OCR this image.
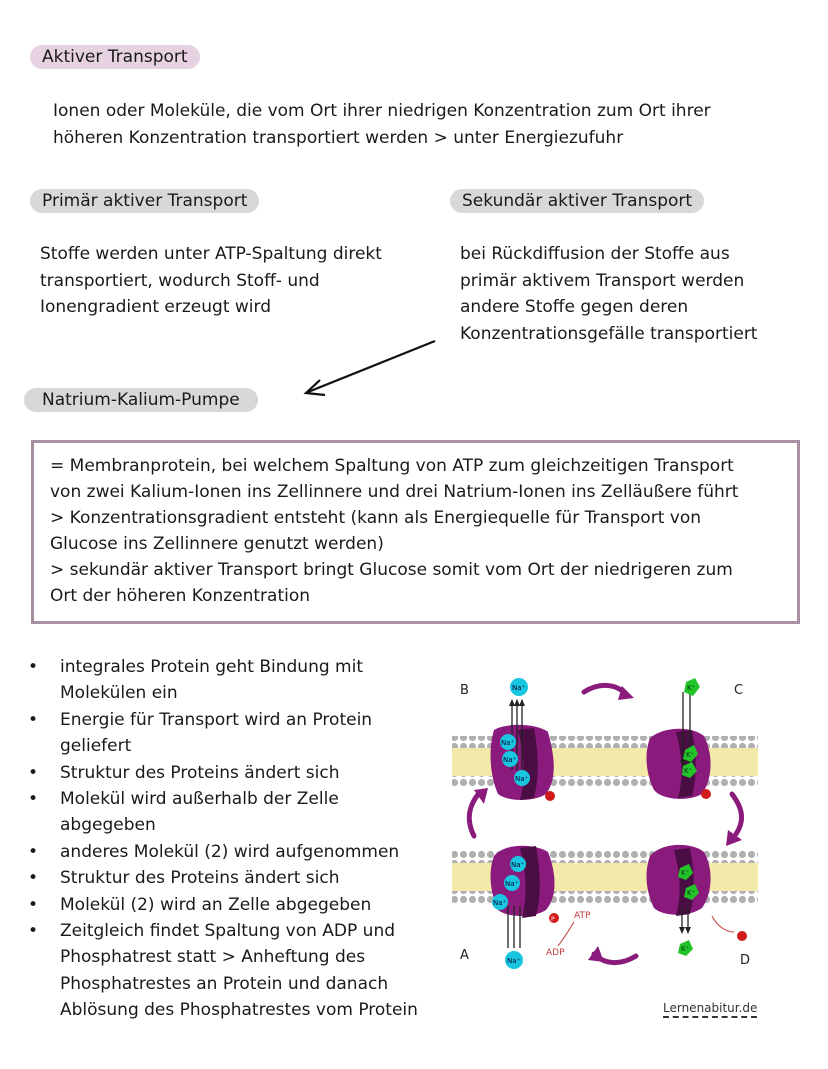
Aktiver Transport
Ionen oder Moleküle, die vom Ort ihrer niedrigen Konzentration zum Ort ihrer
höheren Konzentration transportiert werden > unter Energiezufuhr
Primär aktiver Transport
Stoffe werden unter ATP-Spaltung direkt
transportiert, wodurch Stoff- und
Ionengradient erzeugt wird
Sekundär aktiver Transport
bei Rückdiffusion der Stoffe aus
primär aktivem Transport werden
andere Stoffe gegen deren
Konzentrationsgefälle transportiert
Natrium-Kalium-Pumpe
= Membranprotein, bei welchem Spaltung von ATP zum gleichzeitigen Transport
von zwei Kalium-Ionen ins Zellinnere und drei Natrium-Ionen ins Zelläußere führt
> Konzentrationsgradient entsteht (kann als Energiequelle für Transport von
Glucose ins Zellinnere genutzt werden)
> sekundär aktiver Transport bringt Glucose somit vom Ort der niedrigeren zum
Ort der höheren Konzentration
• integrales Protein geht Bindung mit
Molekülen ein
• Energie für Transport wird an Protein
geliefert
• Struktur des Proteins ändert sich
• Molekül wird außerhalb der Zelle
abgegeben
• anderes Molekül (2) wird aufgenommen
• Struktur des Proteins ändert sich
• Molekül (2) wird an Zelle abgegeben
• Zeitgleich findet Spaltung von ADP und
Phosphatrest statt > Anheftung des
Phosphatrestes an Protein und danach
Ablösung des Phosphatrestes vom Protein
B	C
A	D
Na⁺
Na⁺
Na⁺
Na⁺
K⁺
K⁺
K⁺
Na⁺
Na⁺
Na⁺
P
Na⁺
ATP
ADP
K⁺
K⁺
K⁺
Lernenabitur.de
